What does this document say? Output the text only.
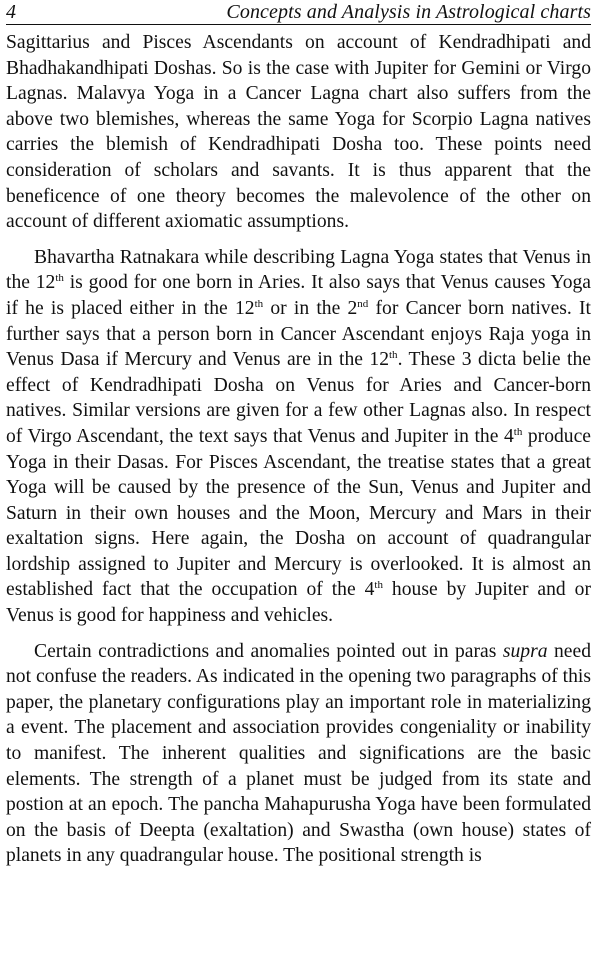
4	Concepts and Analysis in Astrological charts

Sagittarius and Pisces Ascendants on account of Kendradhipati and Bhadhakandhipati Doshas. So is the case with Jupiter for Gemini or Virgo Lagnas. Malavya Yoga in a Cancer Lagna chart also suffers from the above two blemishes, whereas the same Yoga for Scorpio Lagna natives carries the blemish of Kendradhipati Dosha too. These points need consideration of scholars and savants. It is thus apparent that the beneficence of one theory becomes the malevolence of the other on account of different axiomatic assumptions.

Bhavartha Ratnakara while describing Lagna Yoga states that Venus in the 12th is good for one born in Aries. It also says that Venus causes Yoga if he is placed either in the 12th or in the 2nd for Cancer born natives. It further says that a person born in Cancer Ascendant enjoys Raja yoga in Venus Dasa if Mercury and Venus are in the 12th. These 3 dicta belie the effect of Kendradhipati Dosha on Venus for Aries and Cancer-born natives. Similar versions are given for a few other Lagnas also. In respect of Virgo Ascendant, the text says that Venus and Jupiter in the 4th produce Yoga in their Dasas. For Pisces Ascendant, the treatise states that a great Yoga will be caused by the presence of the Sun, Venus and Jupiter and Saturn in their own houses and the Moon, Mercury and Mars in their exaltation signs. Here again, the Dosha on account of quadrangular lordship assigned to Jupiter and Mercury is overlooked. It is almost an established fact that the occupation of the 4th house by Jupiter and or Venus is good for happiness and vehicles.

Certain contradictions and anomalies pointed out in paras supra need not confuse the readers. As indicated in the opening two paragraphs of this paper, the planetary configurations play an important role in materializing a event. The placement and association provides congeniality or inability to manifest. The inherent qualities and significations are the basic elements. The strength of a planet must be judged from its state and postion at an epoch. The pancha Mahapurusha Yoga have been formulated on the basis of Deepta (exaltation) and Swastha (own house) states of planets in any quadrangular house. The positional strength is
